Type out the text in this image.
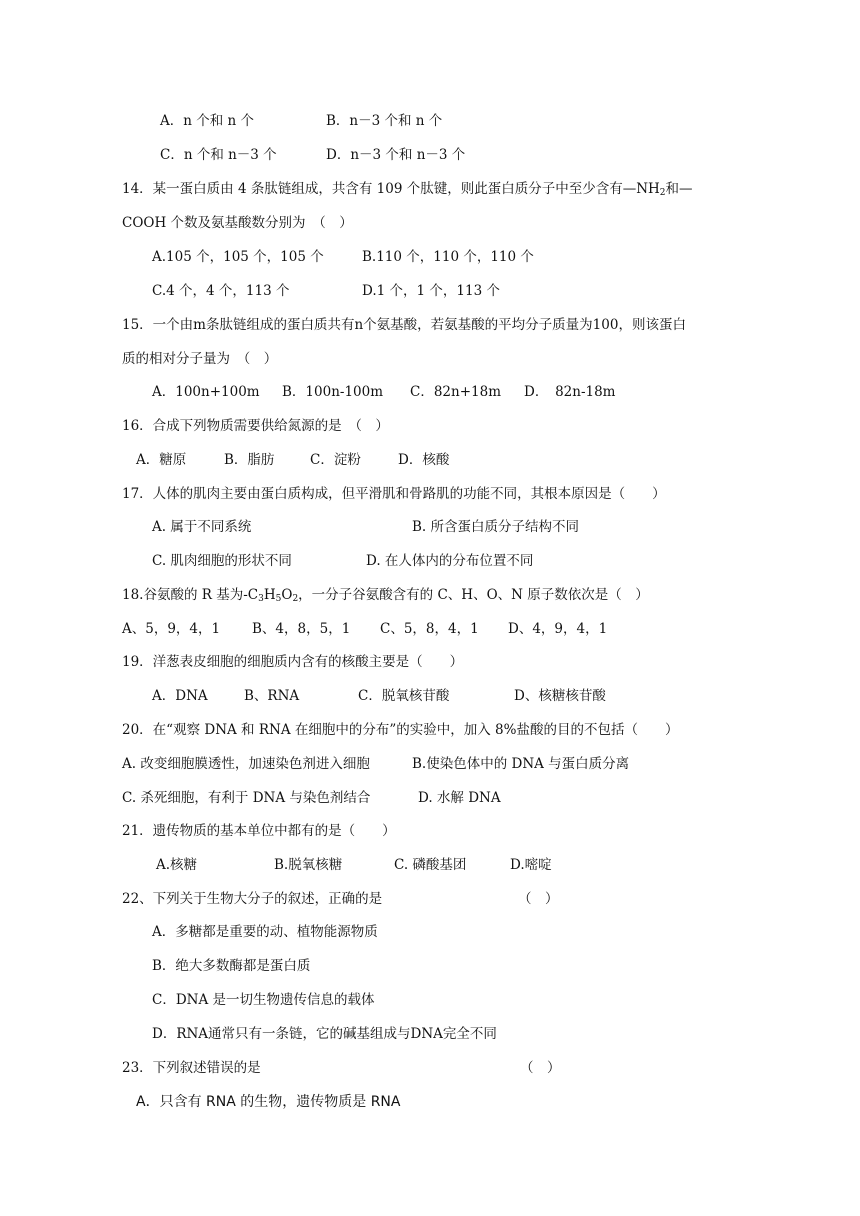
A．n 个和 n 个	B．n－3 个和 n 个
C．n 个和 n－3 个	D．n－3 个和 n－3 个
14．某一蛋白质由 4 条肽链组成，共含有 109 个肽键，则此蛋白质分子中至少含有$—NH_2$和—
COOH 个数及氨基酸数分别为　（　）
A.105 个，105 个，105 个	B.110 个，110 个，110 个
C.4 个，4 个，113 个	D.1 个，1 个，113 个
15．一个由m条肽链组成的蛋白质共有n个氨基酸，若氨基酸的平均分子质量为100，则该蛋白
质的相对分子量为　（　）
A．100n+100m B．100n-100m C．82n+18m D．　82n-18m
16．合成下列物质需要供给氮源的是　（　）
A．糖原	B．脂肪	C．淀粉	D．核酸
17．人体的肌肉主要由蛋白质构成，但平滑肌和骨路肌的功能不同，其根本原因是（　　）
A. 属于不同系统	B. 所含蛋白质分子结构不同
C. 肌肉细胞的形状不同	D. 在人体内的分布位置不同
18.谷氨酸的 R 基为$-C_3H_5O_2$，一分子谷氨酸含有的 C、H、O、N 原子数依次是（　）
A、5，9，4，1 B、4，8，5，1 C、5，8，4，1 D、4，9，4，1
19．洋葱表皮细胞的细胞质内含有的核酸主要是（　　）
A．DNA	B、RNA	C．脱氧核苷酸	D、核糖核苷酸
20．在“观察 DNA 和 RNA 在细胞中的分布”的实验中，加入 8%盐酸的目的不包括（　　）
A. 改变细胞膜透性，加速染色剂进入细胞	B.使染色体中的 DNA 与蛋白质分离
C. 杀死细胞，有利于 DNA 与染色剂结合	D. 水解 DNA
21．遗传物质的基本单位中都有的是（　　）
A.核糖	B.脱氧核糖	C. 磷酸基团	D.嘧啶
22、下列关于生物大分子的叙述，正确的是	（　）
A．多糖都是重要的动、植物能源物质
B．绝大多数酶都是蛋白质
C．DNA 是一切生物遗传信息的载体
D．RNA通常只有一条链，它的碱基组成与DNA完全不同
23．下列叙述错误的是	（　）
A．只含有 RNA 的生物，遗传物质是 RNA
